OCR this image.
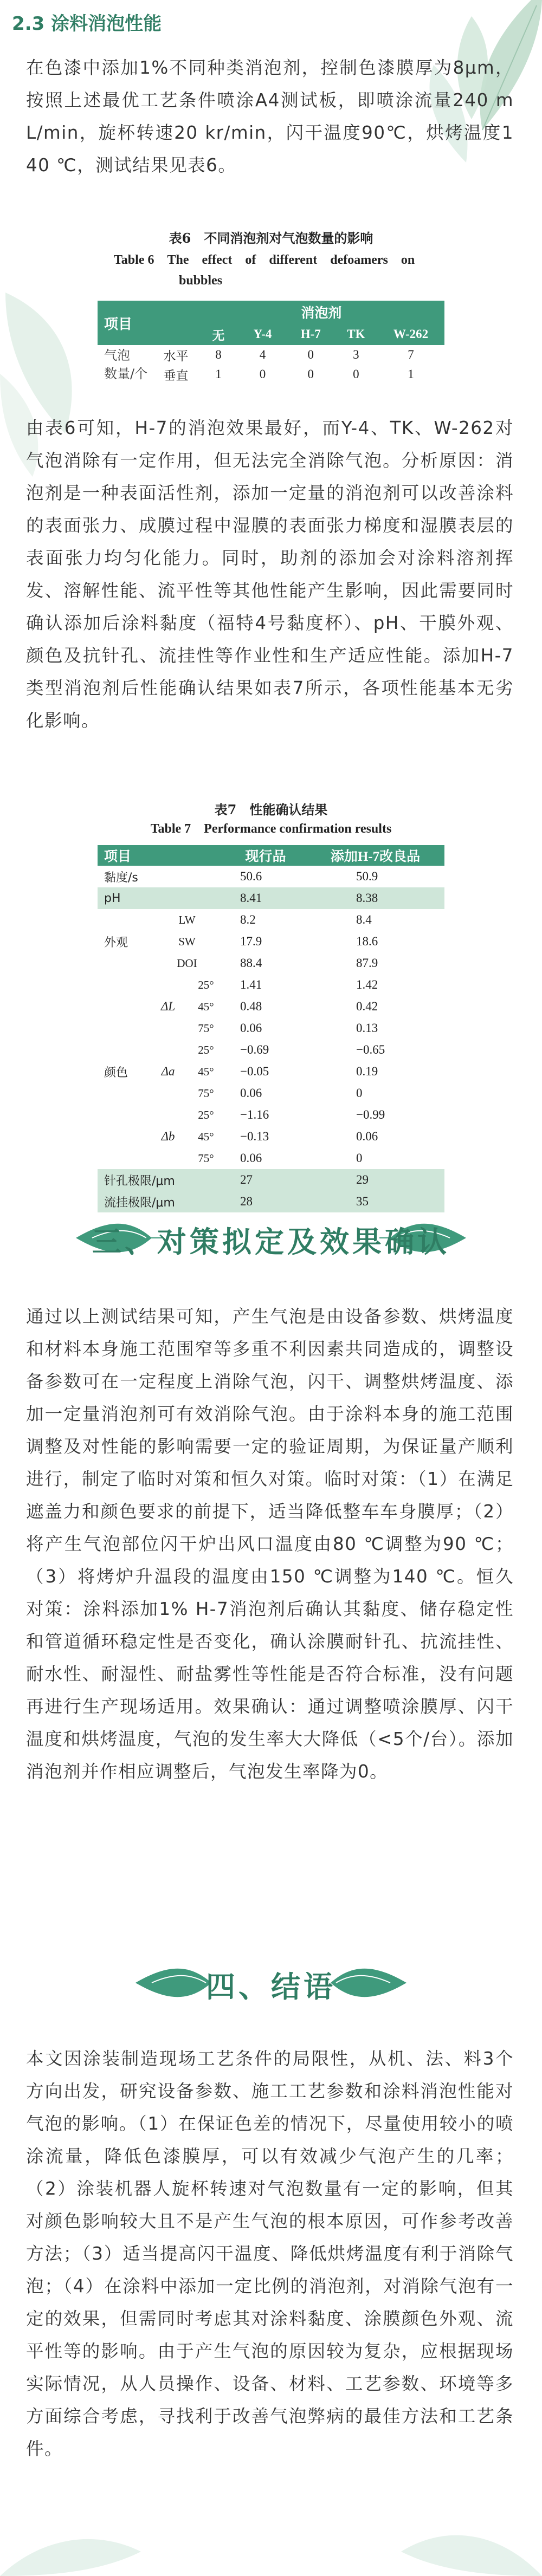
2.3 涂料消泡性能
在色漆中添加1%不同种类消泡剂，控制色漆膜厚为8μm，按照上述最优工艺条件喷涂A4测试板，即喷涂流量240 mL/min，旋杯转速20 kr/min，闪干温度90℃，烘烤温度140 ℃，测试结果见表6。
表6　不同消泡剂对气泡数量的影响
Table 6　The　effect　of　different　defoamers　on
bubbles
项目		消泡剂				
		无	Y-4	H-7	TK	W-262

气泡
数量/个	水平	8	4	0	3	7
	垂直	1	0	0	0	1
由表6可知，H-7的消泡效果最好，而Y-4、TK、W-262对气泡消除有一定作用，但无法完全消除气泡。分析原因：消泡剂是一种表面活性剂，添加一定量的消泡剂可以改善涂料的表面张力、成膜过程中湿膜的表面张力梯度和湿膜表层的表面张力均匀化能力。同时，助剂的添加会对涂料溶剂挥发、溶解性能、流平性等其他性能产生影响，因此需要同时确认添加后涂料黏度（福特4号黏度杯）、pH、干膜外观、颜色及抗针孔、流挂性等作业性和生产适应性能。添加H-7类型消泡剂后性能确认结果如表7所示，各项性能基本无劣化影响。
表7　性能确认结果
Table 7　Performance confirmation results
项目			现行品	添加H-7改良品
黏度/s			50.6	50.9
pH			8.41	8.38
外观	LW		8.2	8.4
	SW		17.9	18.6
	DOI		88.4	87.9
颜色	ΔL	25°	1.41	1.42
		45°	0.48	0.42
		75°	0.06	0.13
	Δa	25°	−0.69	−0.65
		45°	−0.05	0.19
		75°	0.06	0
	Δb	25°	−1.16	−0.99
		45°	−0.13	0.06
		75°	0.06	0
针孔极限/μm			27	29
流挂极限/μm			28	35
三、对策拟定及效果确认
通过以上测试结果可知，产生气泡是由设备参数、烘烤温度和材料本身施工范围窄等多重不利因素共同造成的，调整设备参数可在一定程度上消除气泡，闪干、调整烘烤温度、添加一定量消泡剂可有效消除气泡。由于涂料本身的施工范围调整及对性能的影响需要一定的验证周期，为保证量产顺利进行，制定了临时对策和恒久对策。临时对策：（1）在满足遮盖力和颜色要求的前提下，适当降低整车车身膜厚；（2）将产生气泡部位闪干炉出风口温度由80 ℃调整为90 ℃；（3）将烤炉升温段的温度由150 ℃调整为140 ℃。恒久对策：涂料添加1% H-7消泡剂后确认其黏度、储存稳定性和管道循环稳定性是否变化，确认涂膜耐针孔、抗流挂性、耐水性、耐湿性、耐盐雾性等性能是否符合标准，没有问题再进行生产现场适用。效果确认：通过调整喷涂膜厚、闪干温度和烘烤温度，气泡的发生率大大降低（<5个/台）。添加消泡剂并作相应调整后，气泡发生率降为0。
四、结语
本文因涂装制造现场工艺条件的局限性，从机、法、料3个方向出发，研究设备参数、施工工艺参数和涂料消泡性能对气泡的影响。（1）在保证色差的情况下，尽量使用较小的喷涂流量，降低色漆膜厚，可以有效减少气泡产生的几率；（2）涂装机器人旋杯转速对气泡数量有一定的影响，但其对颜色影响较大且不是产生气泡的根本原因，可作参考改善方法；（3）适当提高闪干温度、降低烘烤温度有利于消除气泡；（4）在涂料中添加一定比例的消泡剂，对消除气泡有一定的效果，但需同时考虑其对涂料黏度、涂膜颜色外观、流平性等的影响。由于产生气泡的原因较为复杂，应根据现场实际情况，从人员操作、设备、材料、工艺参数、环境等多方面综合考虑，寻找利于改善气泡弊病的最佳方法和工艺条件。
